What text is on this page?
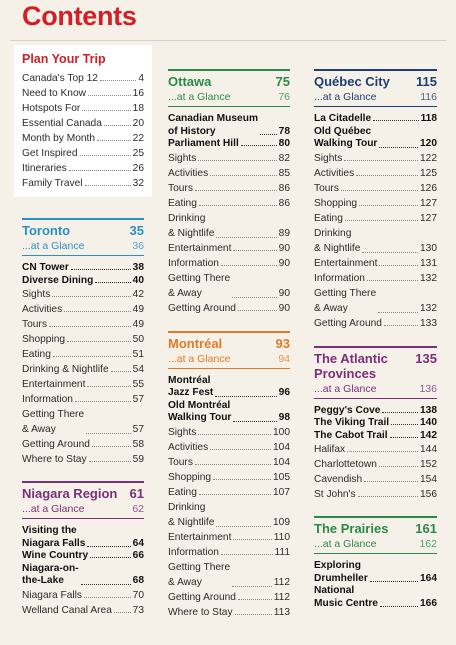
Contents
Plan Your Trip
Canada's Top 12	4
Need to Know	16
Hotspots For	18
Essential Canada	20
Month by Month	22
Get Inspired	25
Itineraries	26
Family Travel	32
Toronto	35
...at a Glance	36
CN Tower	38
Diverse Dining	40
Sights	42
Activities	49
Tours	49
Shopping	50
Eating	51
Drinking & Nightlife 54
Entertainment	55
Information	57
Getting There
& Away	57
Getting Around	58
Where to Stay	59
Niagara Region 61
...at a Glance	62
Visiting the
Niagara Falls	64
Wine Country	66
Niagara-on-
the-Lake	68
Niagara Falls	70
Welland Canal Area 73
Ottawa	75
...at a Glance	76
Canadian Museum
of History	78
Parliament Hill	80
Sights	82
Activities	85
Tours	86
Eating	86
Drinking
& Nightlife	89
Entertainment	90
Information	90
Getting There
& Away	90
Getting Around	90
Montréal	93
...at a Glance	94
Montréal
Jazz Fest	96
Old Montréal
Walking Tour	98
Sights	100
Activities	104
Tours	104
Shopping	105
Eating	107
Drinking
& Nightlife	109
Entertainment	110
Information	111
Getting There
& Away	112
Getting Around	112
Where to Stay	113
Québec City 115
...at a Glance	116
La Citadelle	118
Old Québec
Walking Tour	120
Sights	122
Activities	125
Tours	126
Shopping	127
Eating	127
Drinking
& Nightlife	130
Entertainment	131
Information	132
Getting There
& Away	132
Getting Around	133
The Atlantic
Provinces
135
...at a Glance	136
Peggy's Cove	138
The Viking Trail	140
The Cabot Trail	142
Halifax	144
Charlottetown	152
Cavendish	154
St John's	156
The Prairies 161
...at a Glance	162
Exploring
Drumheller	164
National
Music Centre	166
